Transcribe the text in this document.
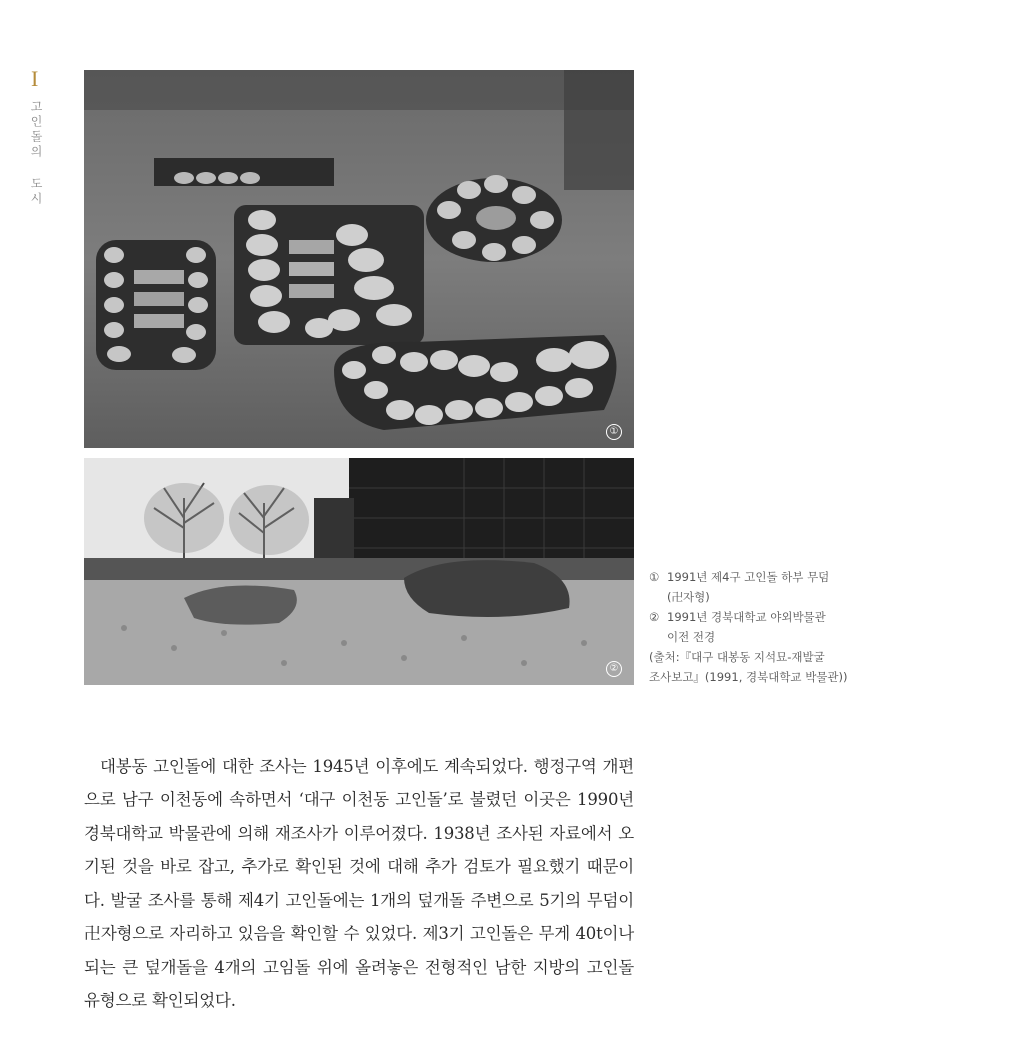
I
고인돌의 도시
①
②
① 1991년 제4구 고인돌 하부 무덤
(卍자형)
② 1991년 경북대학교 야외박물관
이전 전경
(출처:『대구 대봉동 지석묘-재발굴
조사보고』(1991, 경북대학교 박물관))

대봉동 고인돌에 대한 조사는 1945년 이후에도 계속되었다. 행정구역 개편으로 남구 이천동에 속하면서 ‘대구 이천동 고인돌’로 불렸던 이곳은 1990년 경북대학교 박물관에 의해 재조사가 이루어졌다. 1938년 조사된 자료에서 오기된 것을 바로 잡고, 추가로 확인된 것에 대해 추가 검토가 필요했기 때문이다. 발굴 조사를 통해 제4기 고인돌에는 1개의 덮개돌 주변으로 5기의 무덤이 卍자형으로 자리하고 있음을 확인할 수 있었다. 제3기 고인돌은 무게 40t이나 되는 큰 덮개돌을 4개의 고임돌 위에 올려놓은 전형적인 남한 지방의 고인돌 유형으로 확인되었다.
